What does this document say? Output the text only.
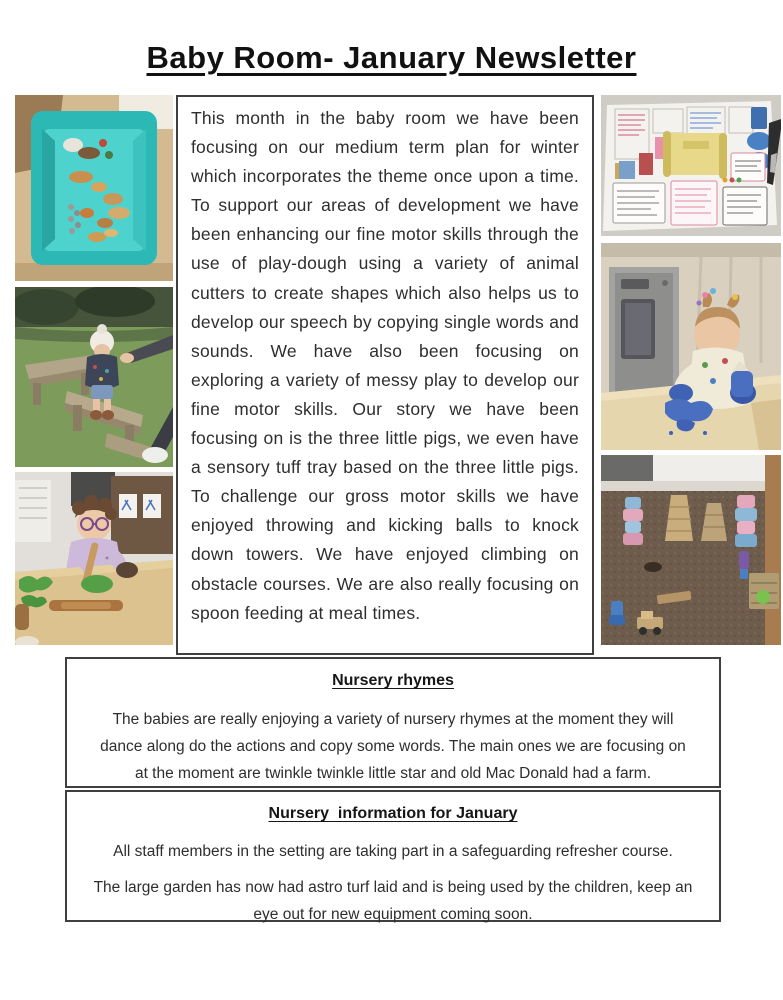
Baby Room- January Newsletter

This month in the baby room we have been focusing on our medium term plan for winter which incorporates the theme once upon a time. To support our areas of development we have been enhancing our fine motor skills through the use of play-dough using a variety of animal cutters to create shapes which also helps us to develop our speech by copying single words and sounds. We have also been focusing on exploring a variety of messy play to develop our fine motor skills. Our story we have been focusing on is the three little pigs, we even have a sensory tuff tray based on the three little pigs. To challenge our gross motor skills we have enjoyed throwing and kicking balls to knock down towers. We have enjoyed climbing on obstacle courses. We are also really focusing on spoon feeding at meal times.

Nursery rhymes

The babies are really enjoying a variety of nursery rhymes at the moment they will dance along do the actions and copy some words. The main ones we are focusing on at the moment are twinkle twinkle little star and old Mac Donald had a farm.

Nursery  information for January

All staff members in the setting are taking part in a safeguarding refresher course.

The large garden has now had astro turf laid and is being used by the children, keep an eye out for new equipment coming soon.
